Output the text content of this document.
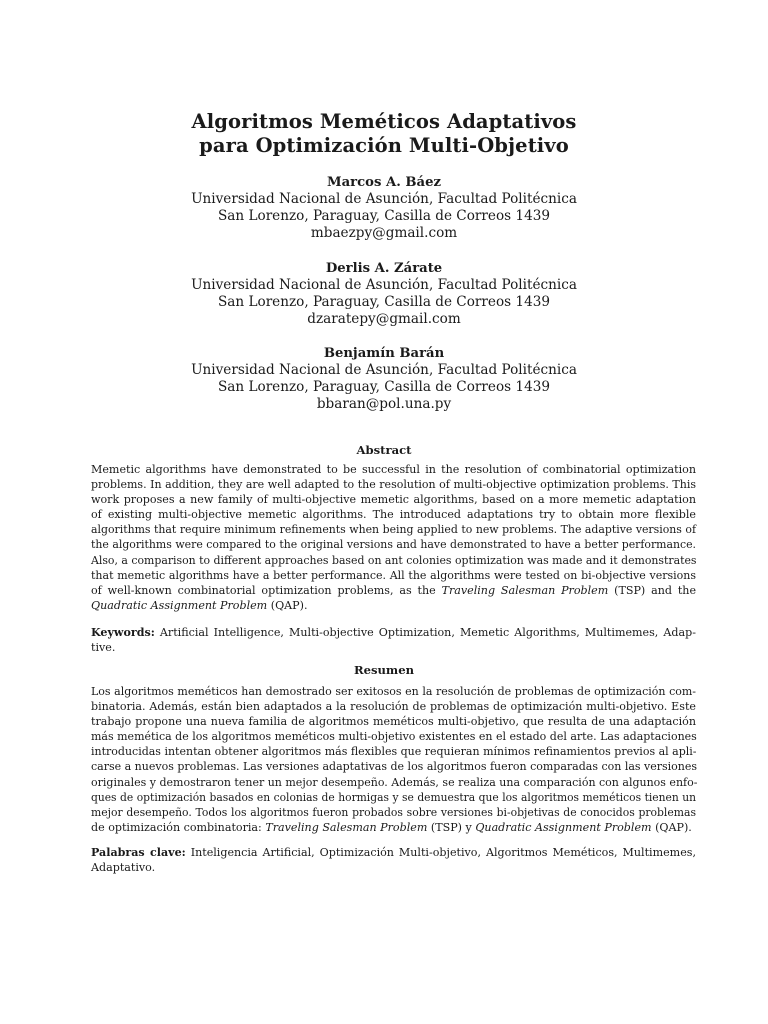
Algoritmos Meméticos Adaptativos
para Optimización Multi-Objetivo
Marcos A. Báez
Universidad Nacional de Asunción, Facultad Politécnica
San Lorenzo, Paraguay, Casilla de Correos 1439
mbaezpy@gmail.com
Derlis A. Zárate
Universidad Nacional de Asunción, Facultad Politécnica
San Lorenzo, Paraguay, Casilla de Correos 1439
dzaratepy@gmail.com
Benjamín Barán
Universidad Nacional de Asunción, Facultad Politécnica
San Lorenzo, Paraguay, Casilla de Correos 1439
bbaran@pol.una.py
Abstract
Memetic algorithms have demonstrated to be successful in the resolution of combinatorial optimization
problems. In addition, they are well adapted to the resolution of multi-objective optimization problems. This
work proposes a new family of multi-objective memetic algorithms, based on a more memetic adaptation
of existing multi-objective memetic algorithms. The introduced adaptations try to obtain more flexible
algorithms that require minimum refinements when being applied to new problems. The adaptive versions of
the algorithms were compared to the original versions and have demonstrated to have a better performance.
Also, a comparison to different approaches based on ant colonies optimization was made and it demonstrates
that memetic algorithms have a better performance. All the algorithms were tested on bi-objective versions
of well-known combinatorial optimization problems, as the Traveling Salesman Problem (TSP) and the
Quadratic Assignment Problem (QAP).
Keywords: Artificial Intelligence, Multi-objective Optimization, Memetic Algorithms, Multimemes, Adap-
tive.
Resumen
Los algoritmos meméticos han demostrado ser exitosos en la resolución de problemas de optimización com-
binatoria. Además, están bien adaptados a la resolución de problemas de optimización multi-objetivo. Este
trabajo propone una nueva familia de algoritmos meméticos multi-objetivo, que resulta de una adaptación
más memética de los algoritmos meméticos multi-objetivo existentes en el estado del arte. Las adaptaciones
introducidas intentan obtener algoritmos más flexibles que requieran mínimos refinamientos previos al apli-
carse a nuevos problemas. Las versiones adaptativas de los algoritmos fueron comparadas con las versiones
originales y demostraron tener un mejor desempeño. Además, se realiza una comparación con algunos enfo-
ques de optimización basados en colonias de hormigas y se demuestra que los algoritmos meméticos tienen un
mejor desempeño. Todos los algoritmos fueron probados sobre versiones bi-objetivas de conocidos problemas
de optimización combinatoria: Traveling Salesman Problem (TSP) y Quadratic Assignment Problem (QAP).
Palabras clave: Inteligencia Artificial, Optimización Multi-objetivo, Algoritmos Meméticos, Multimemes,
Adaptativo.
